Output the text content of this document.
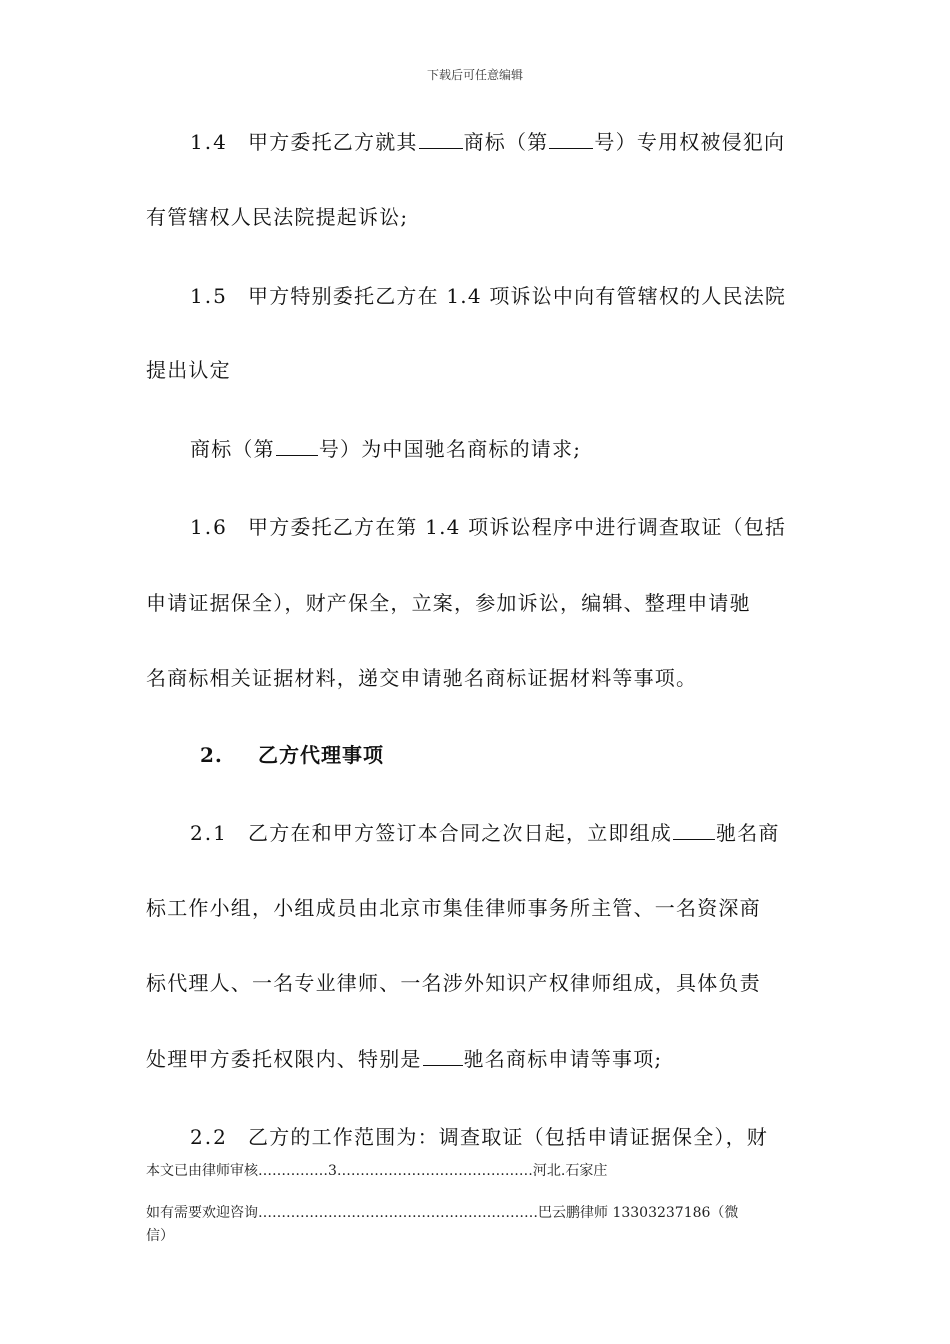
下载后可任意编辑
1.4 甲方委托乙方就其 商标（第 号）专用权被侵犯向
有管辖权人民法院提起诉讼;
1.5 甲方特别委托乙方在 1.4 项诉讼中向有管辖权的人民法院
提出认定
商标（第 号）为中国驰名商标的请求;
1.6 甲方委托乙方在第 1.4 项诉讼程序中进行调查取证（包括
申请证据保全），财产保全，立案，参加诉讼，编辑、整理申请驰
名商标相关证据材料，递交申请驰名商标证据材料等事项。
2. 乙方代理事项
2.1 乙方在和甲方签订本合同之次日起，立即组成 驰名商
标工作小组，小组成员由北京市集佳律师事务所主管、一名资深商
标代理人、一名专业律师、一名涉外知识产权律师组成，具体负责
处理甲方委托权限内、特别是 驰名商标申请等事项;
2.2 乙方的工作范围为：调查取证（包括申请证据保全），财
本文已由律师审核……………3……………………………………河北.石家庄
如有需要欢迎咨询……………………………………………………巴云鹏律师 13303237186（微
信）
